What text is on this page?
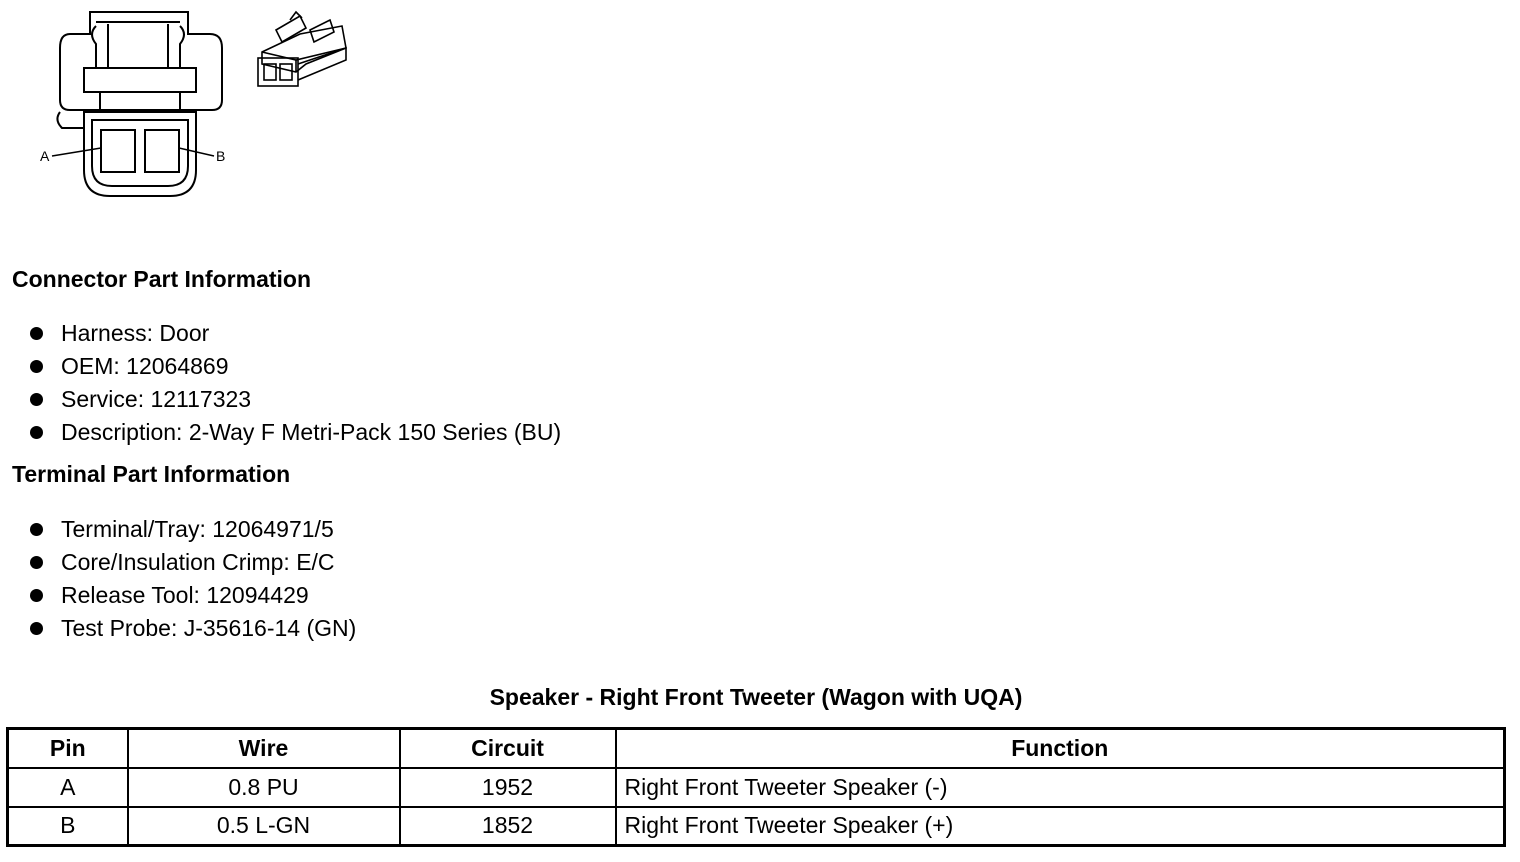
A	B
Connector Part Information
Harness: Door
OEM: 12064869
Service: 12117323
Description: 2-Way F Metri-Pack 150 Series (BU)
Terminal Part Information
Terminal/Tray: 12064971/5
Core/Insulation Crimp: E/C
Release Tool: 12094429
Test Probe: J-35616-14 (GN)
Speaker - Right Front Tweeter (Wagon with UQA)
Pin	Wire	Circuit	Function
A	0.8 PU	1952	Right Front Tweeter Speaker (-)
B	0.5 L-GN	1852	Right Front Tweeter Speaker (+)
